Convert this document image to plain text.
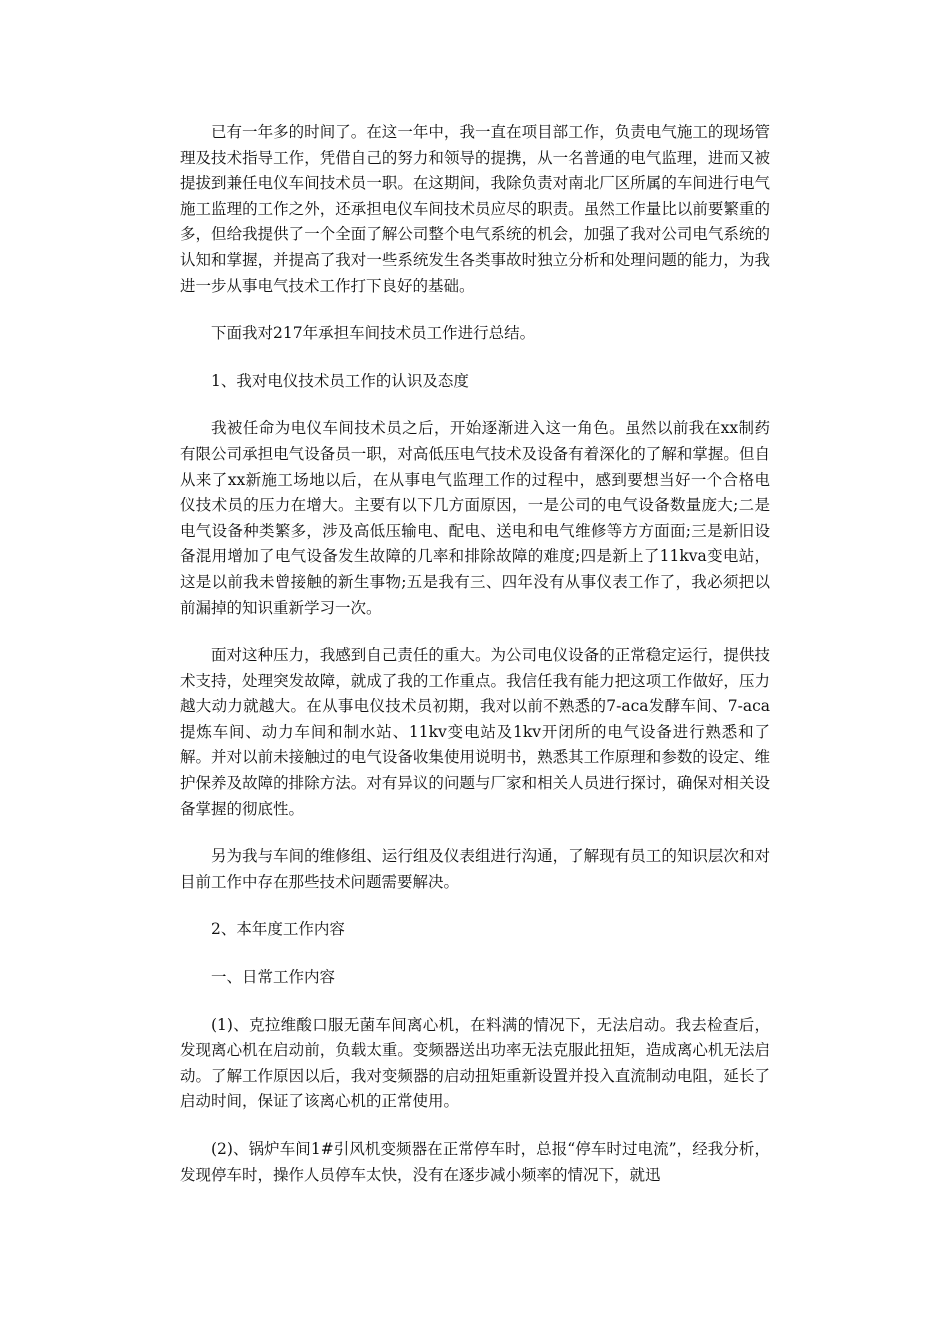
已有一年多的时间了。在这一年中，我一直在项目部工作，负责电气施工的现场管理及技术指导工作，凭借自己的努力和领导的提携，从一名普通的电气监理，进而又被提拔到兼任电仪车间技术员一职。在这期间，我除负责对南北厂区所属的车间进行电气施工监理的工作之外，还承担电仪车间技术员应尽的职责。虽然工作量比以前要繁重的多，但给我提供了一个全面了解公司整个电气系统的机会，加强了我对公司电气系统的认知和掌握，并提高了我对一些系统发生各类事故时独立分析和处理问题的能力，为我进一步从事电气技术工作打下良好的基础。

下面我对217年承担车间技术员工作进行总结。

1、我对电仪技术员工作的认识及态度

我被任命为电仪车间技术员之后，开始逐渐进入这一角色。虽然以前我在xx制药有限公司承担电气设备员一职，对高低压电气技术及设备有着深化的了解和掌握。但自从来了xx新施工场地以后，在从事电气监理工作的过程中，感到要想当好一个合格电仪技术员的压力在增大。主要有以下几方面原因，一是公司的电气设备数量庞大;二是电气设备种类繁多，涉及高低压输电、配电、送电和电气维修等方方面面;三是新旧设备混用增加了电气设备发生故障的几率和排除故障的难度;四是新上了11kva变电站，这是以前我未曾接触的新生事物;五是我有三、四年没有从事仪表工作了，我必须把以前漏掉的知识重新学习一次。

面对这种压力，我感到自己责任的重大。为公司电仪设备的正常稳定运行，提供技术支持，处理突发故障，就成了我的工作重点。我信任我有能力把这项工作做好，压力越大动力就越大。在从事电仪技术员初期，我对以前不熟悉的7-aca发酵车间、7-aca提炼车间、动力车间和制水站、11kv变电站及1kv开闭所的电气设备进行熟悉和了解。并对以前未接触过的电气设备收集使用说明书，熟悉其工作原理和参数的设定、维护保养及故障的排除方法。对有异议的问题与厂家和相关人员进行探讨，确保对相关设备掌握的彻底性。

另为我与车间的维修组、运行组及仪表组进行沟通，了解现有员工的知识层次和对目前工作中存在那些技术问题需要解决。

2、本年度工作内容

一、日常工作内容

(1)、克拉维酸口服无菌车间离心机，在料满的情况下，无法启动。我去检查后，发现离心机在启动前，负载太重。变频器送出功率无法克服此扭矩，造成离心机无法启动。了解工作原因以后，我对变频器的启动扭矩重新设置并投入直流制动电阻，延长了启动时间，保证了该离心机的正常使用。

(2)、锅炉车间1#引风机变频器在正常停车时，总报“停车时过电流”，经我分析，发现停车时，操作人员停车太快，没有在逐步减小频率的情况下，就迅
